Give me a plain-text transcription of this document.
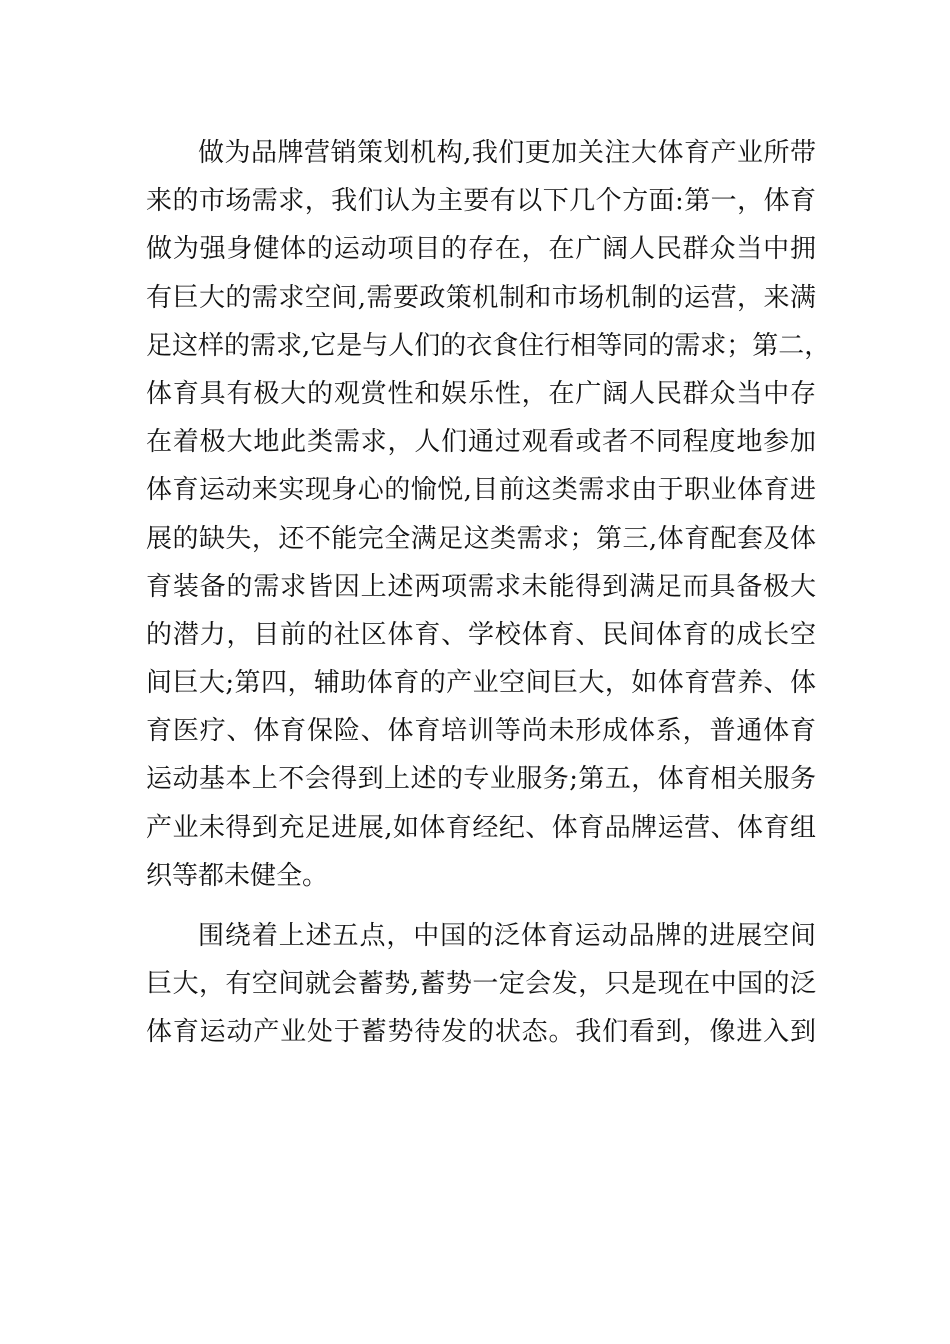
做为品牌营销策划机构,我们更加关注大体育产业所带
来的市场需求，我们认为主要有以下几个方面:第一，体育
做为强身健体的运动项目的存在，在广阔人民群众当中拥
有巨大的需求空间,需要政策机制和市场机制的运营，来满
足这样的需求,它是与人们的衣食住行相等同的需求；第二，
体育具有极大的观赏性和娱乐性，在广阔人民群众当中存
在着极大地此类需求，人们通过观看或者不同程度地参加
体育运动来实现身心的愉悦,目前这类需求由于职业体育进
展的缺失，还不能完全满足这类需求；第三,体育配套及体
育装备的需求皆因上述两项需求未能得到满足而具备极大
的潜力，目前的社区体育、学校体育、民间体育的成长空
间巨大;第四，辅助体育的产业空间巨大，如体育营养、体
育医疗、体育保险、体育培训等尚未形成体系，普通体育
运动基本上不会得到上述的专业服务;第五，体育相关服务
产业未得到充足进展,如体育经纪、体育品牌运营、体育组
织等都未健全。
围绕着上述五点，中国的泛体育运动品牌的进展空间
巨大，有空间就会蓄势,蓄势一定会发，只是现在中国的泛
体育运动产业处于蓄势待发的状态。我们看到，像进入到
